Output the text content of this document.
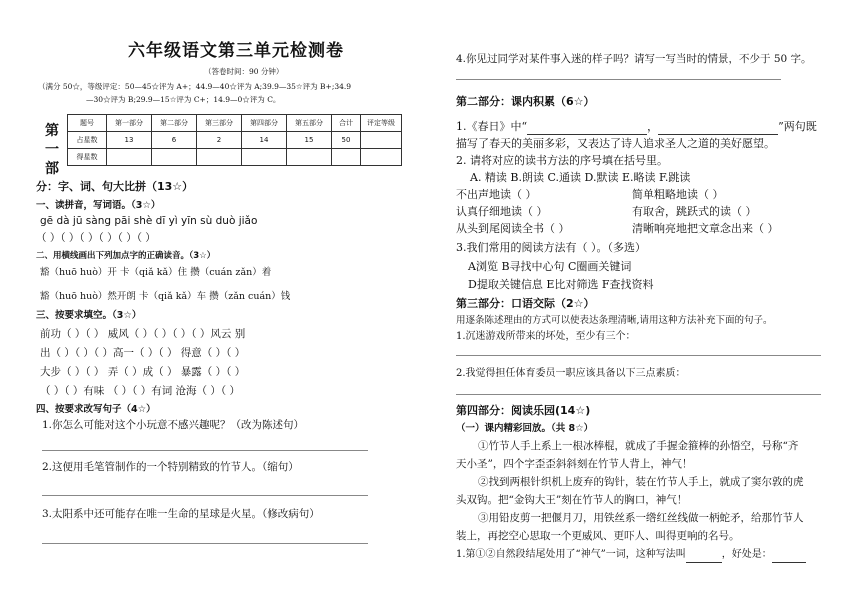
六年级语文第三单元检测卷
（答卷时间：90 分钟）
（满分 50☆，等级评定：50—45☆评为 A+；44.9—40☆评为 A;39.9—35☆评为 B+;34.9
—30☆评为 B;29.9—15☆评为 C+；14.9—0☆评为 C。
第
一
部
题号	第一部分	第二部分	第三部分	第四部分	第五部分	合计	评定等级
占星数	13	6	2	14	15	50	
得星数							
分：字、词、句大比拼（13☆）
一、读拼音，写词语。（3☆）
gē dà jū sàng pāi shè dī yì yīn sù duò jiǎo
（ ）（ ）（ ）（ ）（ ）（ ）
二、用横线画出下列加点字的正确读音。（3☆）
豁（huō huò）开 卡（qiǎ kǎ）住 攒（cuán zǎn）着
豁（huō huò）然开朗 卡（qiǎ kǎ）车 攒（zǎn cuán）钱
三、按要求填空。（3☆）
前功（ ）（ ） 威风（ ）（ ）（ ）（ ）风云 别
出（ ）（ ）（ ）高一（ ）（ ） 得意（ ）（ ）
大步（ ）（ ） 弄（ ）成（ ） 暴露（ ）（ ）
（ ）（ ）有味 （ ）（ ）有词 沧海（ ）（ ）
四、按要求改写句子（4☆）
1.你怎么可能对这个小玩意不感兴趣呢？（改为陈述句）
2.这便用毛笔管制作的一个特别精致的竹节人。（缩句）
3.太阳系中还可能存在唯一生命的星球是火星。（修改病句）
4.你见过同学对某件事入迷的样子吗？请写一写当时的情景，不少于 50 字。
第二部分：课内积累（6☆）
1.《春日》中“	，	”两句既
描写了春天的美丽多彩，又表达了诗人追求圣人之道的美好愿望。
2. 请将对应的读书方法的序号填在括号里。
A. 精读 B.朗读 C.通读 D.默读 E.略读 F.跳读
不出声地读（ ）	简单粗略地读（ ）
认真仔细地读（ ）	有取舍，跳跃式的读（ ）
从头到尾阅读全书（ ）	清晰响亮地把文章念出来（ ）
3.我们常用的阅读方法有（ ）。（多选）
A浏览 B寻找中心句 C圈画关键词
D提取关键信息 E比对筛选 F查找资料
第三部分：口语交际（2☆）
用逐条陈述理由的方式可以使表达条理清晰,请用这种方法补充下面的句子。
1.沉迷游戏所带来的坏处，至少有三个：
2.我觉得担任体育委员一职应该具备以下三点素质：
第四部分：阅读乐园(14☆)
（一）课内精彩回放。（共 8☆）
①竹节人手上系上一根冰棒棍，就成了手握金箍棒的孙悟空，号称“齐
天小圣”，四个字歪歪斜斜刻在竹节人背上，神气！
②找到两根针织机上废弃的钩针，装在竹节人手上，就成了窦尔敦的虎
头双钩。把“金钩大王”刻在竹节人的胸口，神气！
③用铅皮剪一把偃月刀，用铁丝系一绺红丝线做一柄蛇矛，给那竹节人
装上，再挖空心思取一个更威风、更吓人、叫得更响的名号。
1.第①②自然段结尾处用了“神气”一词，这种写法叫	，好处是：
